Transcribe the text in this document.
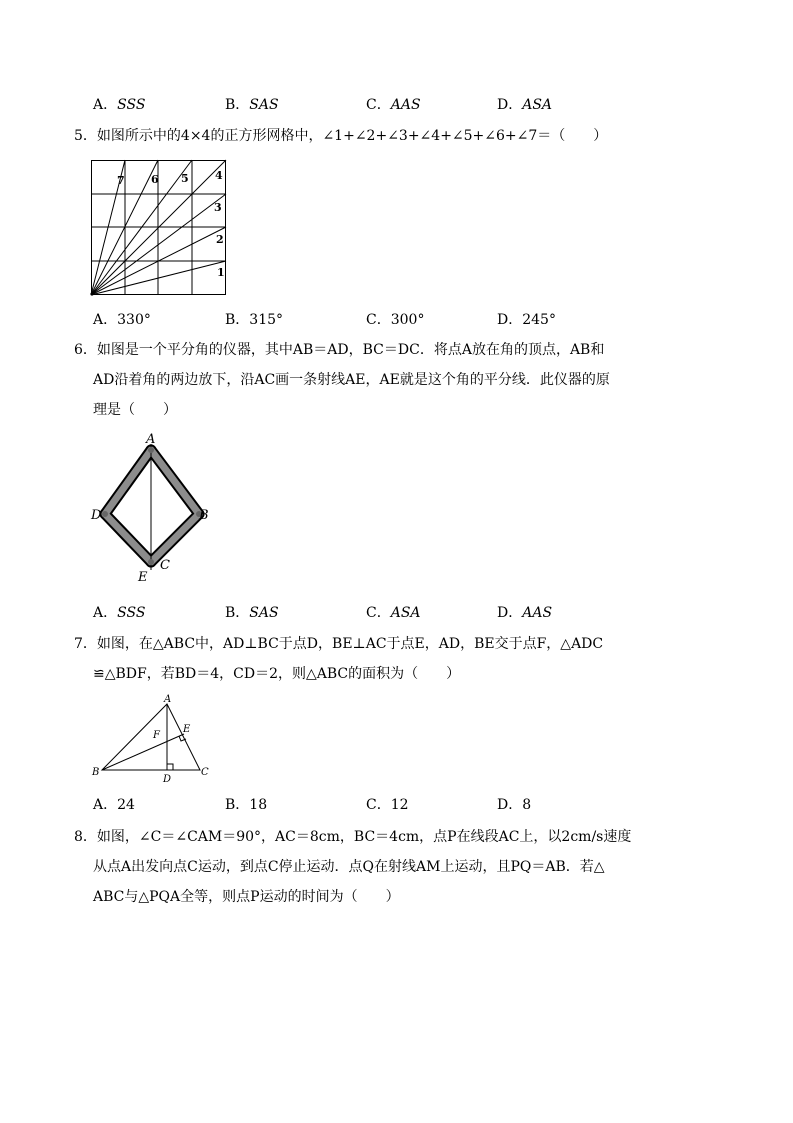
A．SSS	B．SAS	C．AAS	D．ASA
5．如图所示中的4×4的正方形网格中，∠1+∠2+∠3+∠4+∠5+∠6+∠7＝（　　）
1
2
3
4
5
6
7
A．330°	B．315°	C．300°	D．245°
6．如图是一个平分角的仪器，其中AB＝AD，BC＝DC．将点A放在角的顶点，AB和
AD沿着角的两边放下，沿AC画一条射线AE，AE就是这个角的平分线．此仪器的原
理是（　　）
A
B
D
C
E
A．SSS	B．SAS	C．ASA	D．AAS
7．如图，在△ABC中，AD⊥BC于点D，BE⊥AC于点E，AD，BE交于点F，△ADC
≌△BDF，若BD＝4，CD＝2，则△ABC的面积为（　　）
A
B	C
D
E
F
A．24	B．18	C．12	D．8
8．如图，∠C＝∠CAM＝90°，AC＝8cm，BC＝4cm，点P在线段AC上，以2cm/s速度
从点A出发向点C运动，到点C停止运动．点Q在射线AM上运动，且PQ＝AB．若△
ABC与△PQA全等，则点P运动的时间为（　　）
